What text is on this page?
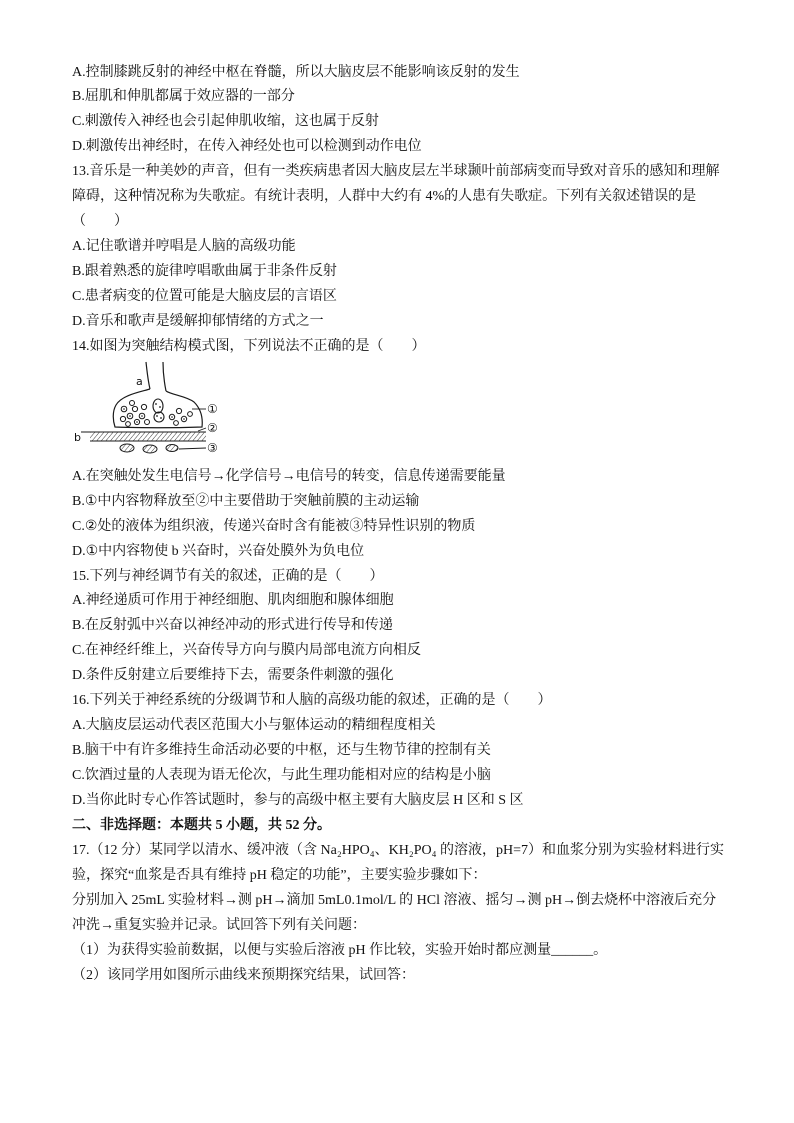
A.控制膝跳反射的神经中枢在脊髓，所以大脑皮层不能影响该反射的发生
B.屈肌和伸肌都属于效应器的一部分
C.刺激传入神经也会引起伸肌收缩，这也属于反射
D.刺激传出神经时，在传入神经处也可以检测到动作电位
13.音乐是一种美妙的声音，但有一类疾病患者因大脑皮层左半球颞叶前部病变而导致对音乐的感知和理解
障碍，这种情况称为失歌症。有统计表明，人群中大约有 4%的人患有失歌症。下列有关叙述错误的是
（　　）
A.记住歌谱并哼唱是人脑的高级功能
B.跟着熟悉的旋律哼唱歌曲属于非条件反射
C.患者病变的位置可能是大脑皮层的言语区
D.音乐和歌声是缓解抑郁情绪的方式之一
14.如图为突触结构模式图，下列说法不正确的是（　　）
a
b
①
②
③
A.在突触处发生电信号→化学信号→电信号的转变，信息传递需要能量
B.①中内容物释放至②中主要借助于突触前膜的主动运输
C.②处的液体为组织液，传递兴奋时含有能被③特异性识别的物质
D.①中内容物使 b 兴奋时，兴奋处膜外为负电位
15.下列与神经调节有关的叙述，正确的是（　　）
A.神经递质可作用于神经细胞、肌肉细胞和腺体细胞
B.在反射弧中兴奋以神经冲动的形式进行传导和传递
C.在神经纤维上，兴奋传导方向与膜内局部电流方向相反
D.条件反射建立后要维持下去，需要条件刺激的强化
16.下列关于神经系统的分级调节和人脑的高级功能的叙述，正确的是（　　）
A.大脑皮层运动代表区范围大小与躯体运动的精细程度相关
B.脑干中有许多维持生命活动必要的中枢，还与生物节律的控制有关
C.饮酒过量的人表现为语无伦次，与此生理功能相对应的结构是小脑
D.当你此时专心作答试题时，参与的高级中枢主要有大脑皮层 H 区和 S 区
二、非选择题：本题共 5 小题，共 52 分。
17.（12 分）某同学以清水、缓冲液（含 Na₂HPO₄、KH₂PO₄ 的溶液，pH=7）和血浆分别为实验材料进行实
验，探究“血浆是否具有维持 pH 稳定的功能”，主要实验步骤如下：
分别加入 25mL 实验材料→测 pH→滴加 5mL0.1mol/L 的 HCl 溶液、摇匀→测 pH→倒去烧杯中溶液后充分
冲洗→重复实验并记录。试回答下列有关问题：
（1）为获得实验前数据，以便与实验后溶液 pH 作比较，实验开始时都应测量______。
（2）该同学用如图所示曲线来预期探究结果，试回答：
